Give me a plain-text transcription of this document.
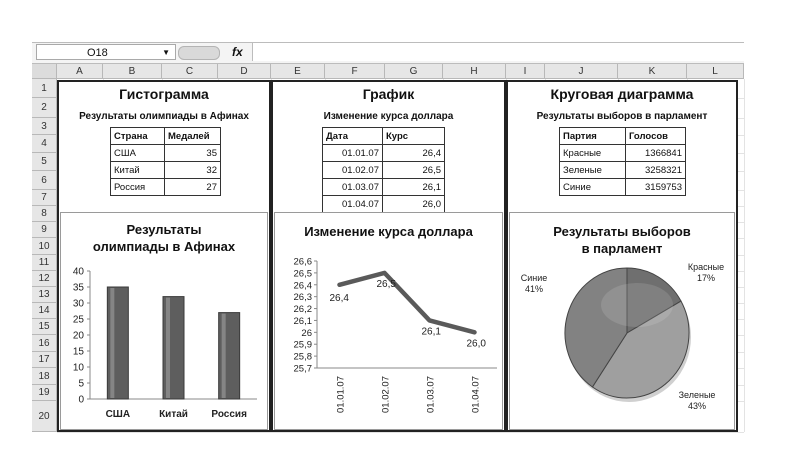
O18	▼	fx
A	B	C	D	E	F	G	H	I	J	K	L
1
2
3
4
5
6
7
8
9
10
11
12
13
14
15
16
17
18
19
20
Гистограмма
Результаты олимпиады в Афинах
Страна	Медалей
США	35
Китай	32
Россия	27
Результаты
олимпиады в Афинах
0
5
10
15
20
25
30
35
40
США	Китай Россия
График
Изменение курса доллара
Дата	Курс
01.01.07	26,4
01.02.07	26,5
01.03.07	26,1
01.04.07	26,0
Изменение курса доллара
25,7
25,8
25,9
26
26,1
26,2
26,3
26,4
26,5
26,6
26,4
01.01.07
26,5
01.02.07
26,1
01.03.07
26,0
01.04.07
Круговая диаграмма
Результаты выборов в парламент
Партия	Голосов
Красные	1366841
Зеленые	3258321
Синие	3159753
Результаты выборов
в парламент
Красные
17%
Зеленые
43%
Синие
41%
